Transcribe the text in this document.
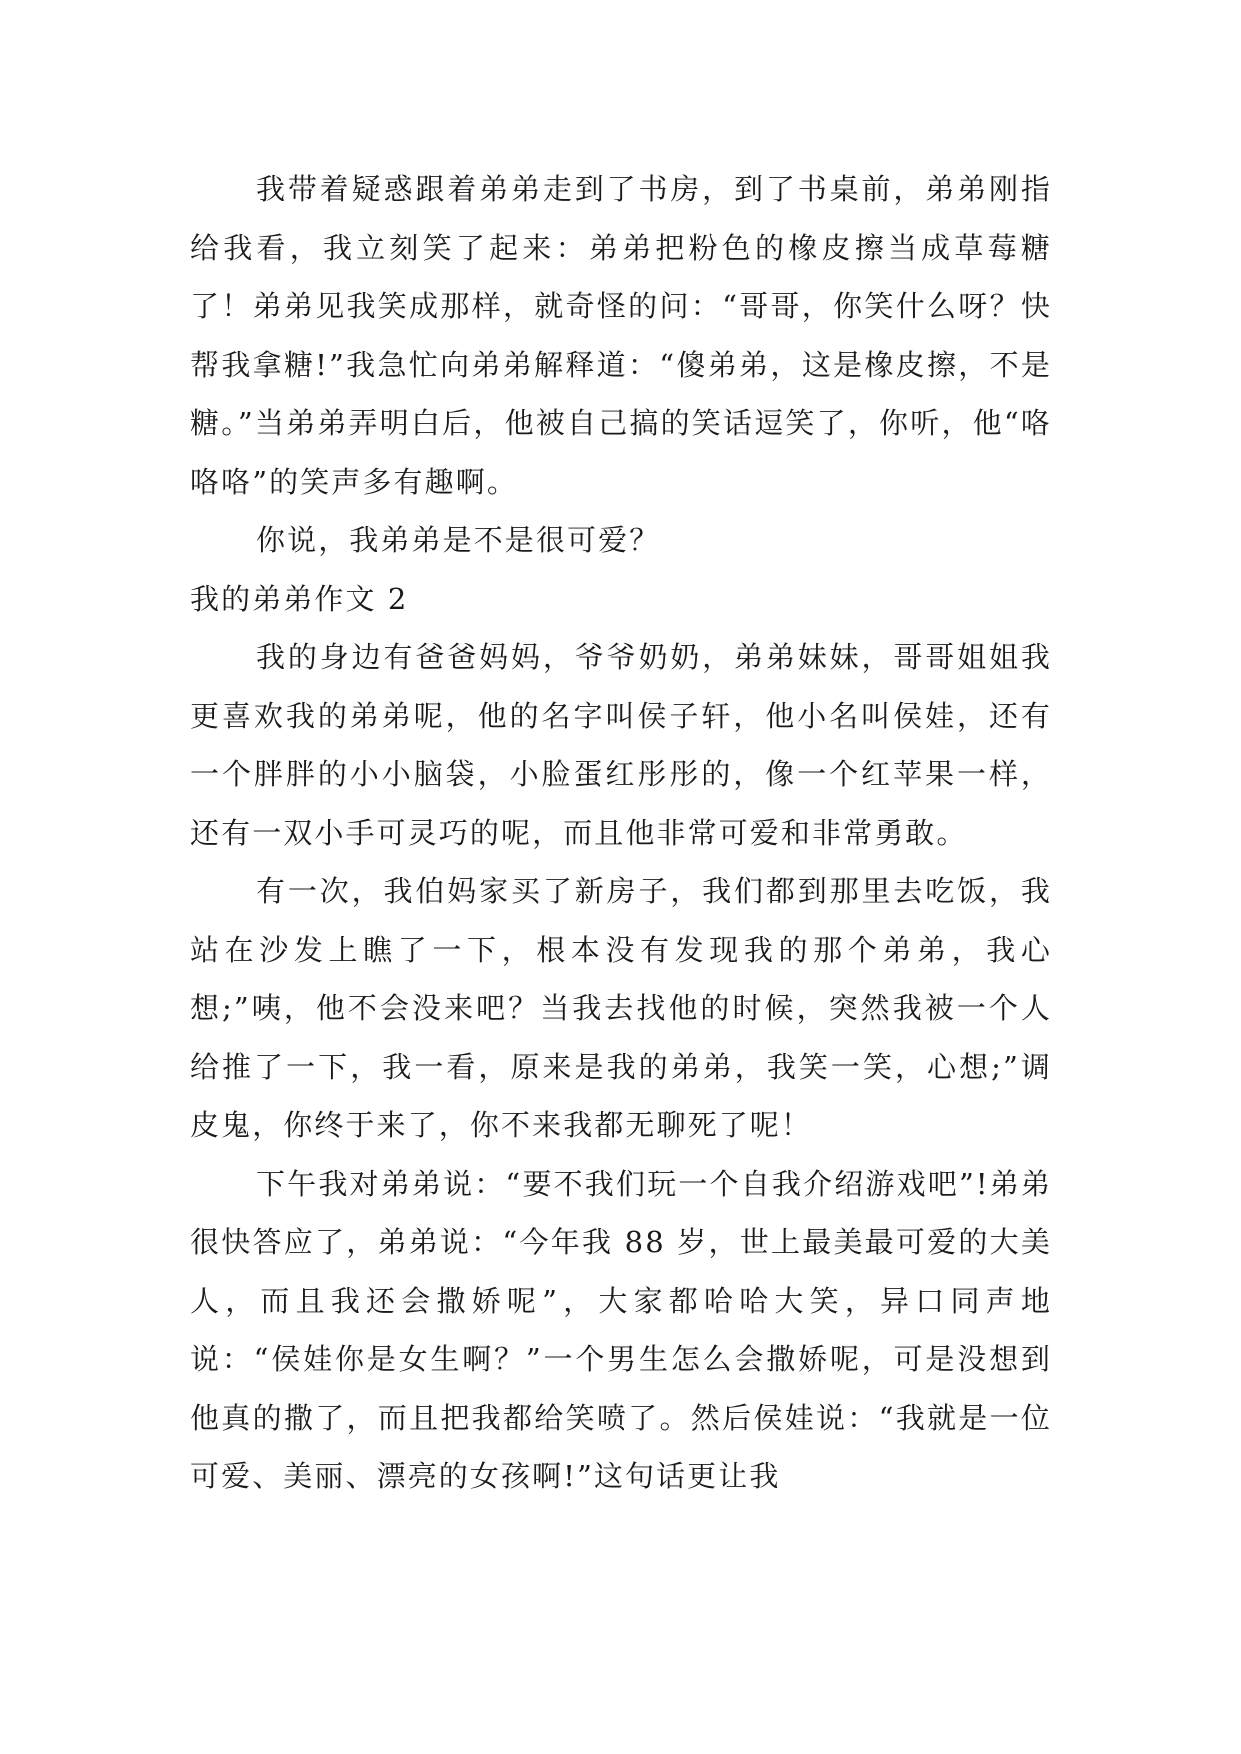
我带着疑惑跟着弟弟走到了书房，到了书桌前，弟弟刚指给我看，我立刻笑了起来：弟弟把粉色的橡皮擦当成草莓糖了！弟弟见我笑成那样，就奇怪的问：“哥哥，你笑什么呀？快帮我拿糖!”我急忙向弟弟解释道：“傻弟弟，这是橡皮擦，不是糖。”当弟弟弄明白后，他被自己搞的笑话逗笑了，你听，他“咯咯咯”的笑声多有趣啊。

你说，我弟弟是不是很可爱？

我的弟弟作文 2

我的身边有爸爸妈妈，爷爷奶奶，弟弟妹妹，哥哥姐姐我更喜欢我的弟弟呢，他的名字叫侯子轩，他小名叫侯娃，还有一个胖胖的小小脑袋，小脸蛋红彤彤的，像一个红苹果一样，还有一双小手可灵巧的呢，而且他非常可爱和非常勇敢。

有一次，我伯妈家买了新房子，我们都到那里去吃饭，我站在沙发上瞧了一下，根本没有发现我的那个弟弟，我心想;”咦，他不会没来吧？当我去找他的时候，突然我被一个人给推了一下，我一看，原来是我的弟弟，我笑一笑，心想;”调皮鬼，你终于来了，你不来我都无聊死了呢！

下午我对弟弟说：“要不我们玩一个自我介绍游戏吧”!弟弟很快答应了，弟弟说：“今年我 88 岁，世上最美最可爱的大美人，而且我还会撒娇呢”，大家都哈哈大笑，异口同声地说：“侯娃你是女生啊？”一个男生怎么会撒娇呢，可是没想到他真的撒了，而且把我都给笑喷了。然后侯娃说：“我就是一位可爱、美丽、漂亮的女孩啊!”这句话更让我
